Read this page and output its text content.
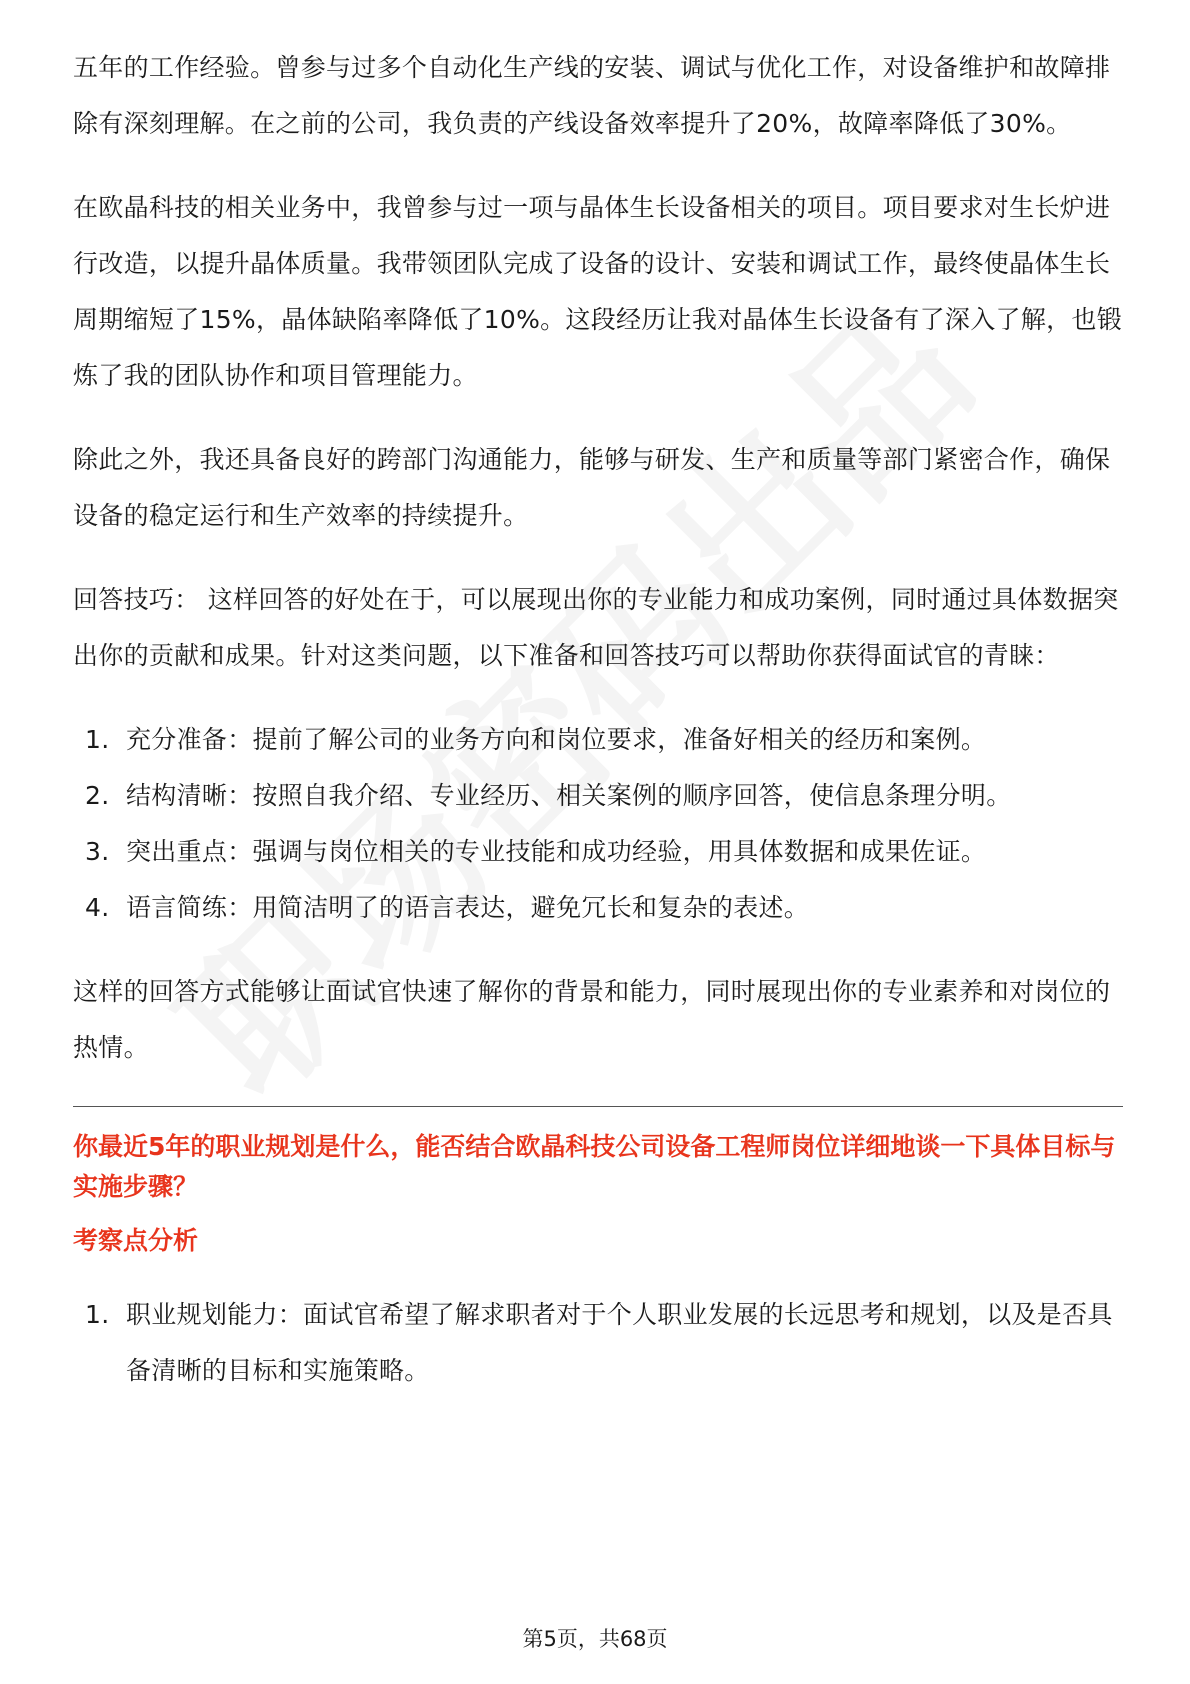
五年的工作经验。曾参与过多个自动化生产线的安装、调试与优化工作，对设备维护和故障排除有深刻理解。在之前的公司，我负责的产线设备效率提升了20%，故障率降低了30%。

在欧晶科技的相关业务中，我曾参与过一项与晶体生长设备相关的项目。项目要求对生长炉进行改造，以提升晶体质量。我带领团队完成了设备的设计、安装和调试工作，最终使晶体生长周期缩短了15%，晶体缺陷率降低了10%。这段经历让我对晶体生长设备有了深入了解，也锻炼了我的团队协作和项目管理能力。

除此之外，我还具备良好的跨部门沟通能力，能够与研发、生产和质量等部门紧密合作，确保设备的稳定运行和生产效率的持续提升。

回答技巧： 这样回答的好处在于，可以展现出你的专业能力和成功案例，同时通过具体数据突出你的贡献和成果。针对这类问题，以下准备和回答技巧可以帮助你获得面试官的青睐：

1. 充分准备：提前了解公司的业务方向和岗位要求，准备好相关的经历和案例。
2. 结构清晰：按照自我介绍、专业经历、相关案例的顺序回答，使信息条理分明。
3. 突出重点：强调与岗位相关的专业技能和成功经验，用具体数据和成果佐证。
4. 语言简练：用简洁明了的语言表达，避免冗长和复杂的表述。

这样的回答方式能够让面试官快速了解你的背景和能力，同时展现出你的专业素养和对岗位的热情。

你最近5年的职业规划是什么，能否结合欧晶科技公司设备工程师岗位详细地谈一下具体目标与实施步骤？
考察点分析
1. 职业规划能力：面试官希望了解求职者对于个人职业发展的长远思考和规划，以及是否具备清晰的目标和实施策略。
第5页，共68页
